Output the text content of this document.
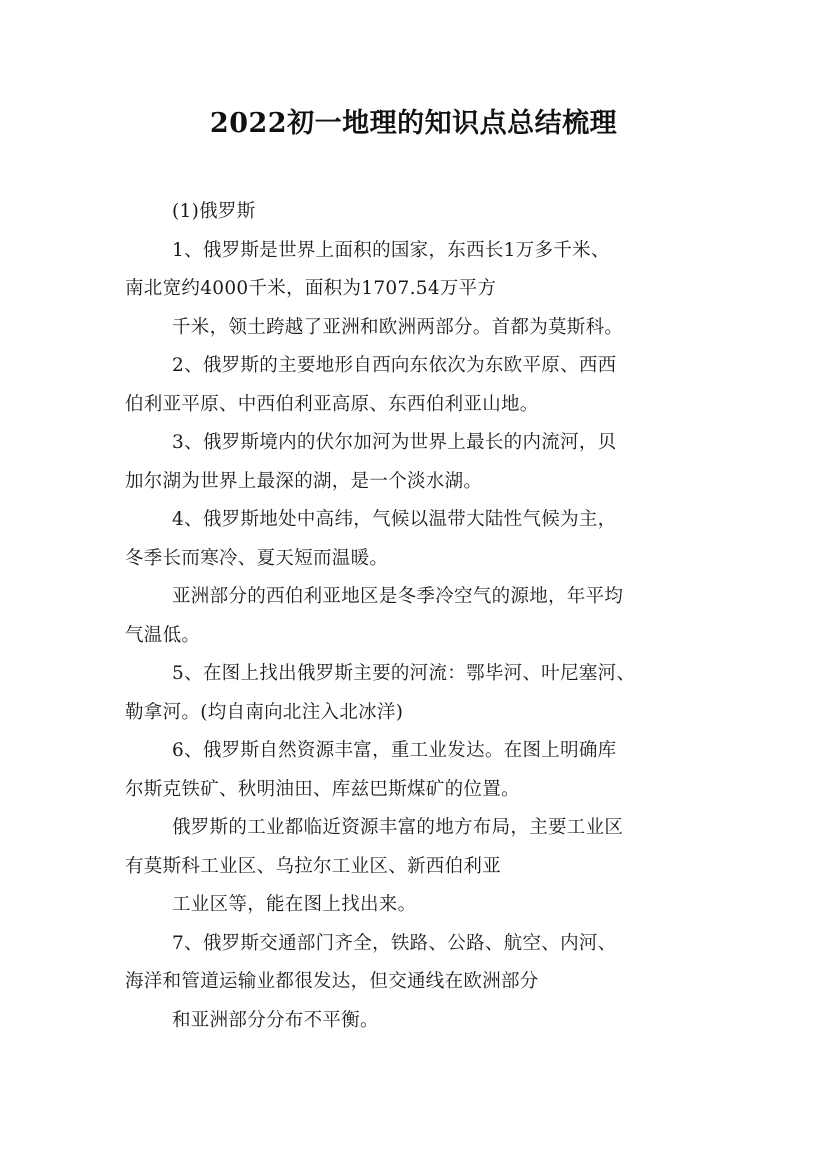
2022初一地理的知识点总结梳理
(1)俄罗斯
1、俄罗斯是世界上面积的国家，东西长1万多千米、
南北宽约4000千米，面积为1707.54万平方
千米，领土跨越了亚洲和欧洲两部分。首都为莫斯科。
2、俄罗斯的主要地形自西向东依次为东欧平原、西西
伯利亚平原、中西伯利亚高原、东西伯利亚山地。
3、俄罗斯境内的伏尔加河为世界上最长的内流河，贝
加尔湖为世界上最深的湖，是一个淡水湖。
4、俄罗斯地处中高纬，气候以温带大陆性气候为主，
冬季长而寒冷、夏天短而温暖。
亚洲部分的西伯利亚地区是冬季冷空气的源地，年平均
气温低。
5、在图上找出俄罗斯主要的河流：鄂毕河、叶尼塞河、
勒拿河。(均自南向北注入北冰洋)
6、俄罗斯自然资源丰富，重工业发达。在图上明确库
尔斯克铁矿、秋明油田、库兹巴斯煤矿的位置。
俄罗斯的工业都临近资源丰富的地方布局，主要工业区
有莫斯科工业区、乌拉尔工业区、新西伯利亚
工业区等，能在图上找出来。
7、俄罗斯交通部门齐全，铁路、公路、航空、内河、
海洋和管道运输业都很发达，但交通线在欧洲部分
和亚洲部分分布不平衡。
